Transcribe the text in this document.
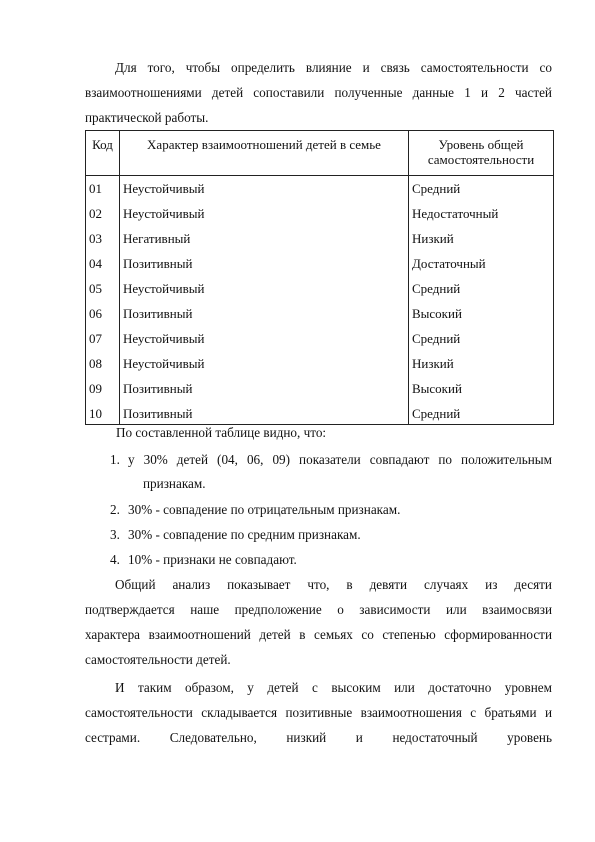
Для того, чтобы определить влияние и связь самостоятельности со
взаимоотношениями детей сопоставили полученные данные 1 и 2 частей
практической работы.
Код	Характер взаимоотношений детей в семье	Уровень общей самостоятельности
01	Неустойчивый	Средний
02	Неустойчивый	Недостаточный
03	Негативный	Низкий
04	Позитивный	Достаточный
05	Неустойчивый	Средний
06	Позитивный	Высокий
07	Неустойчивый	Средний
08	Неустойчивый	Низкий
09	Позитивный	Высокий
10	Позитивный	Средний
По составленной таблице видно, что:
1. у 30% детей (04, 06, 09) показатели совпадают по положительным
признакам.
2. 30% - совпадение по отрицательным признакам.
3. 30% - совпадение по средним признакам.
4. 10% - признаки не совпадают.
Общий анализ показывает что, в девяти случаях из десяти
подтверждается наше предположение о зависимости или взаимосвязи
характера взаимоотношений детей в семьях со степенью сформированности
самостоятельности детей.
И таким образом, у детей с высоким или достаточно уровнем
самостоятельности складывается позитивные взаимоотношения с братьями и
сестрами. Следовательно, низкий и недостаточный уровень
